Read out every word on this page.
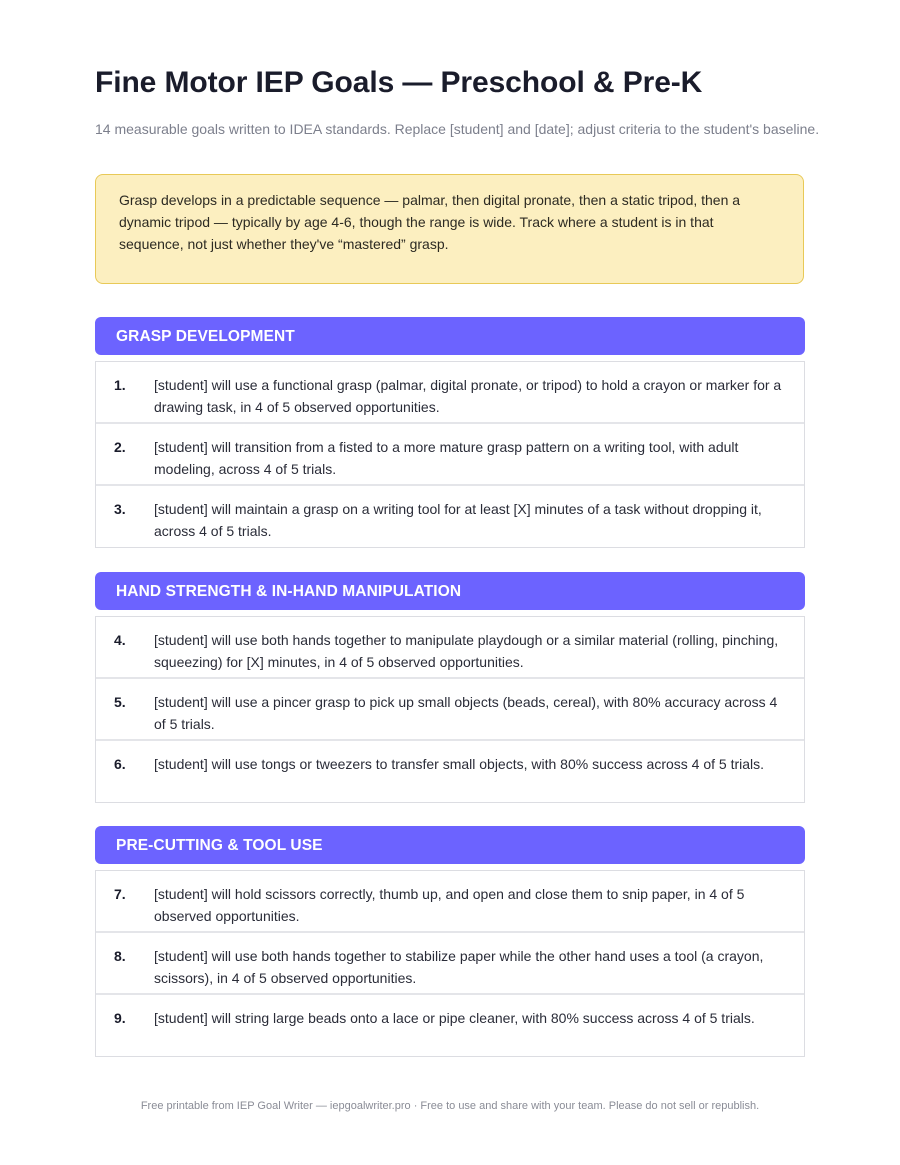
Fine Motor IEP Goals — Preschool & Pre-K
14 measurable goals written to IDEA standards. Replace [student] and [date]; adjust criteria to the student's baseline.
Grasp develops in a predictable sequence — palmar, then digital pronate, then a static tripod, then a dynamic tripod — typically by age 4-6, though the range is wide. Track where a student is in that sequence, not just whether they've “mastered” grasp.
GRASP DEVELOPMENT
1.	[student] will use a functional grasp (palmar, digital pronate, or tripod) to hold a crayon or marker for a drawing task, in 4 of 5 observed opportunities.
2.	[student] will transition from a fisted to a more mature grasp pattern on a writing tool, with adult modeling, across 4 of 5 trials.
3.	[student] will maintain a grasp on a writing tool for at least [X] minutes of a task without dropping it, across 4 of 5 trials.
HAND STRENGTH & IN-HAND MANIPULATION
4.	[student] will use both hands together to manipulate playdough or a similar material (rolling, pinching, squeezing) for [X] minutes, in 4 of 5 observed opportunities.
5.	[student] will use a pincer grasp to pick up small objects (beads, cereal), with 80% accuracy across 4 of 5 trials.
6.	[student] will use tongs or tweezers to transfer small objects, with 80% success across 4 of 5 trials.
PRE-CUTTING & TOOL USE
7.	[student] will hold scissors correctly, thumb up, and open and close them to snip paper, in 4 of 5 observed opportunities.
8.	[student] will use both hands together to stabilize paper while the other hand uses a tool (a crayon, scissors), in 4 of 5 observed opportunities.
9.	[student] will string large beads onto a lace or pipe cleaner, with 80% success across 4 of 5 trials.
Free printable from IEP Goal Writer — iepgoalwriter.pro · Free to use and share with your team. Please do not sell or republish.
